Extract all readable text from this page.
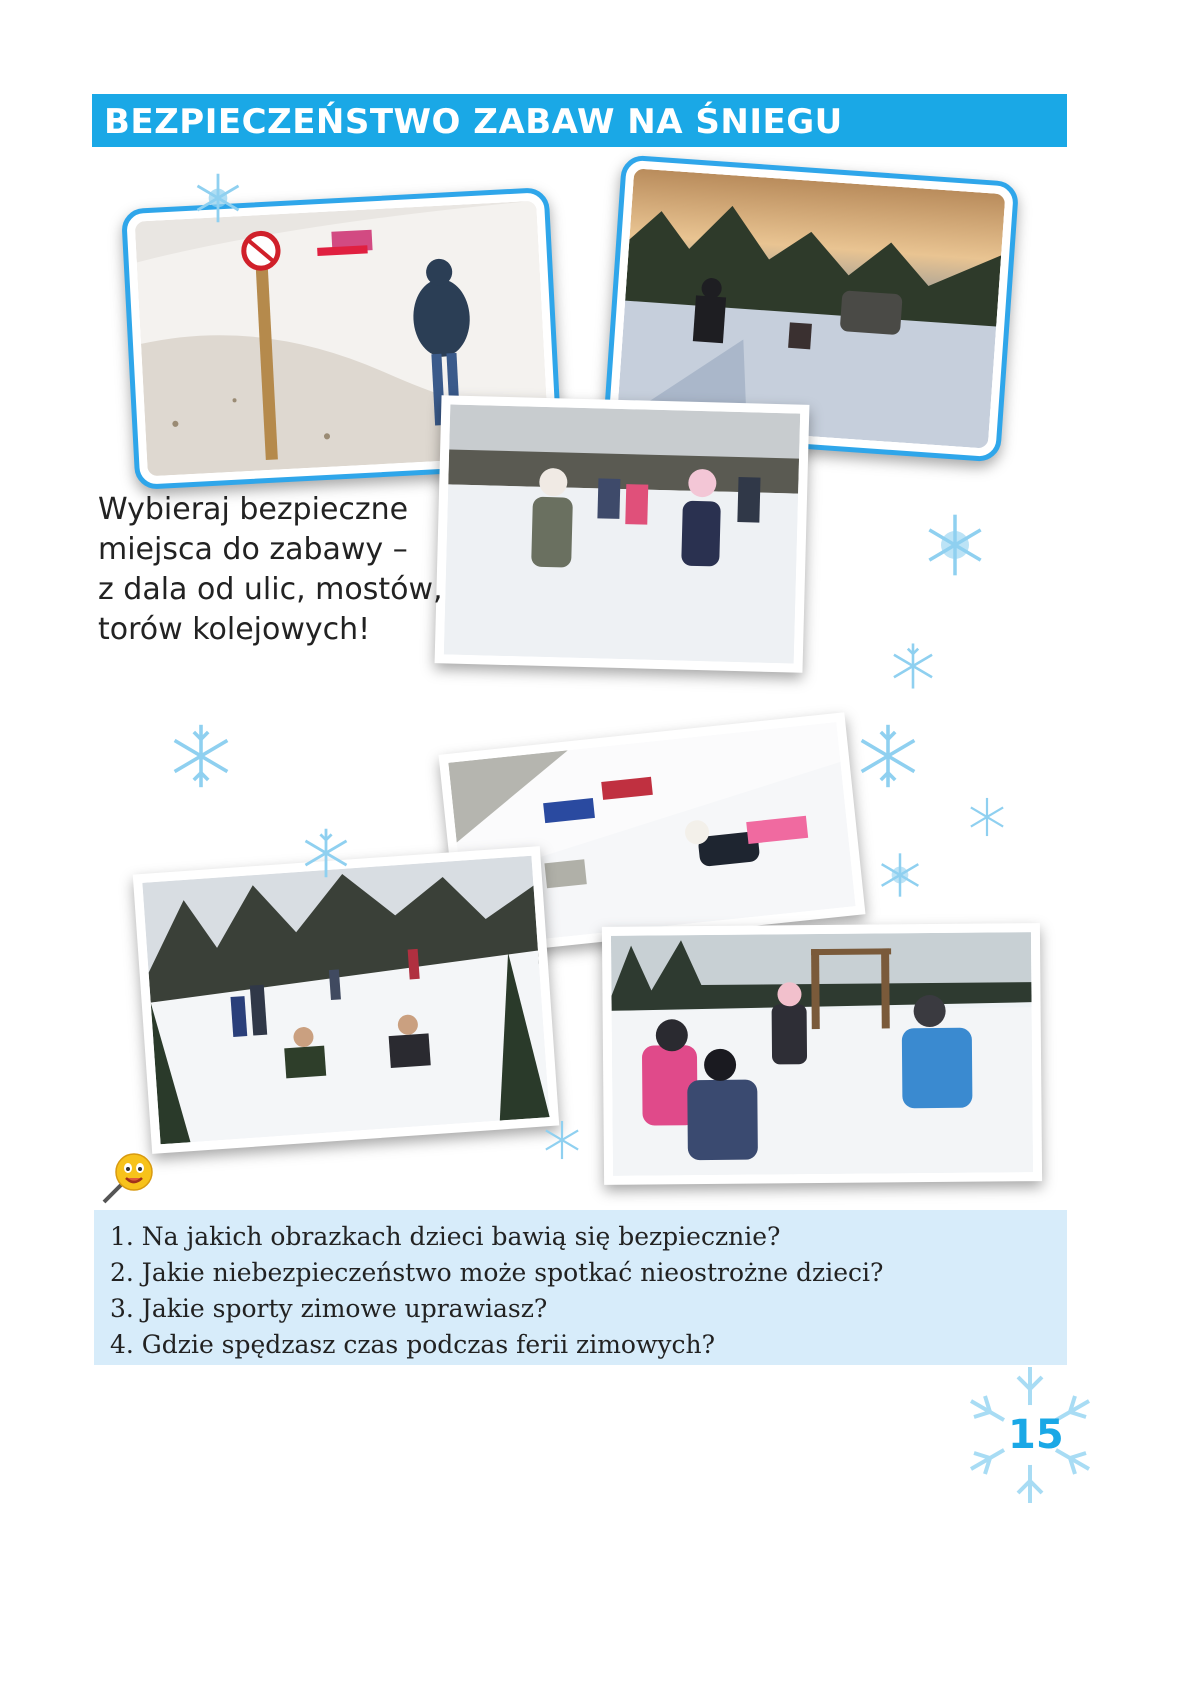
BEZPIECZEŃSTWO ZABAW NA ŚNIEGU
Wybieraj bezpieczne
miejsca do zabawy –
z dala od ulic, mostów,
torów kolejowych!
1. Na jakich obrazkach dzieci bawią się bezpiecznie?
2. Jakie niebezpieczeństwo może spotkać nieostrożne dzieci?
3. Jakie sporty zimowe uprawiasz?
4. Gdzie spędzasz czas podczas ferii zimowych?
15
